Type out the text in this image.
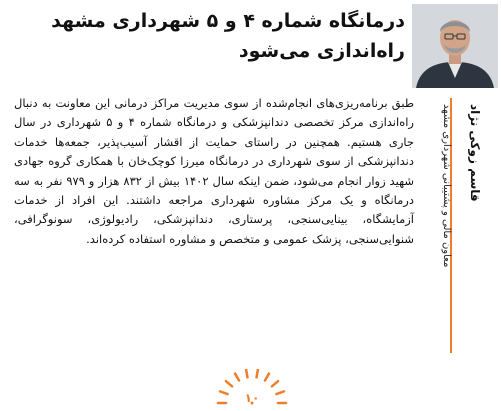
درمانگاه شماره ۴ و ۵ شهرداری مشهد راه‌اندازی می‌شود
قاسم زوکی نژاد
معاون مالی و پشتیبانی شهرداری مشهد

طبق برنامه‌ریزی‌های انجام‌شده از سوی مدیریت مراکز درمانی این معاونت به دنبال راه‌اندازی مرکز تخصصی دندانپزشکی و درمانگاه شماره ۴ و ۵ شهرداری در سال جاری هستیم. همچنین در راستای حمایت از اقشار آسیب‌پذیر، جمعه‌ها خدمات دندانپزشکی از سوی شهرداری در درمانگاه میرزا کوچک‌خان با همکاری گروه جهادی شهید زوار انجام می‌شود، ضمن اینکه سال ۱۴۰۲ بیش از ۸۳۲ هزار و ۹۷۹ نفر به سه درمانگاه و یک مرکز مشاوره شهرداری مراجعه داشتند. این افراد از خدمات آزمایشگاه، بینایی‌سنجی، پرستاری، دندانپزشکی، رادیولوژی، سونوگرافی، شنوایی‌سنجی، پزشک عمومی و متخصص و مشاوره استفاده کرده‌اند.

۱۰
